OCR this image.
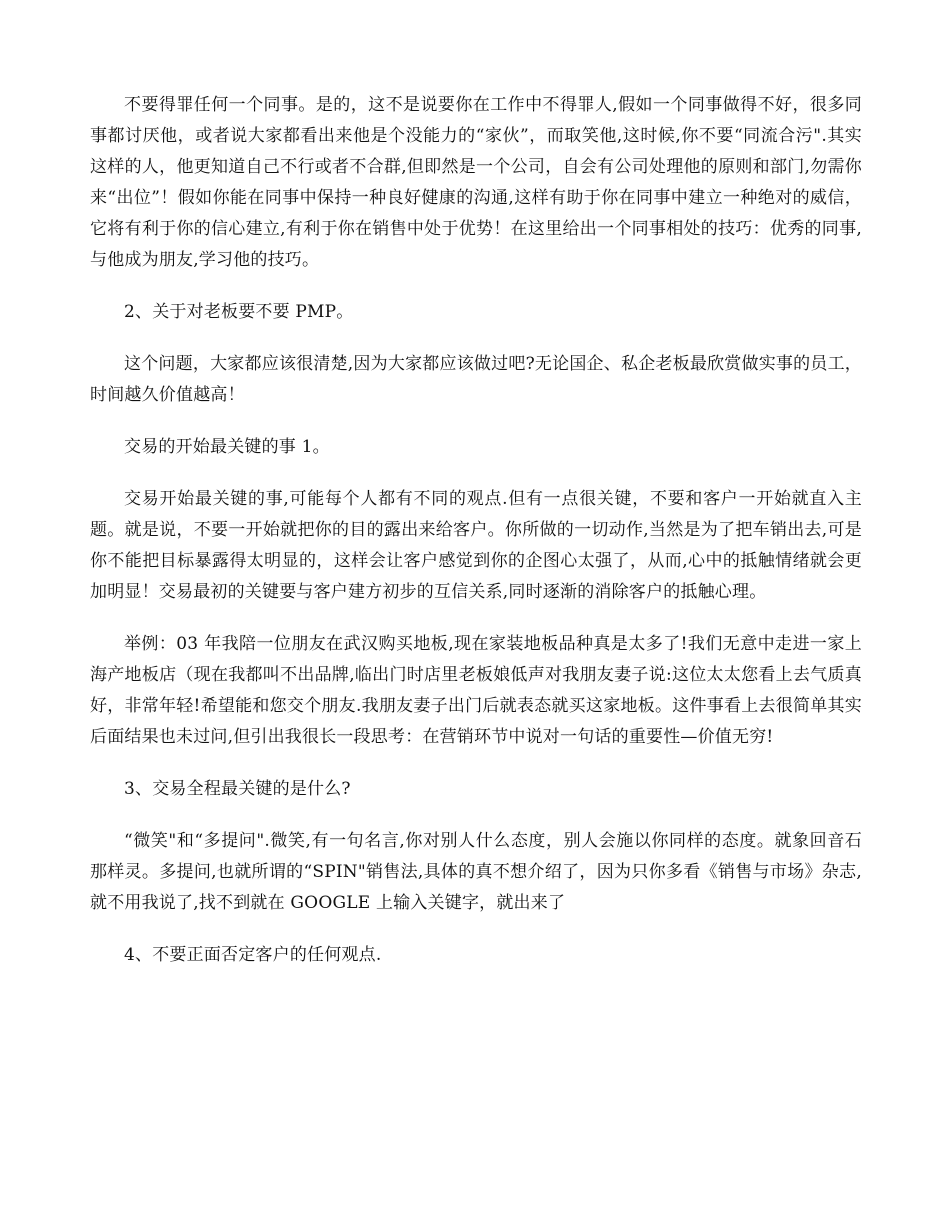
不要得罪任何一个同事。是的，这不是说要你在工作中不得罪人,假如一个同事做得不好，很多同事都讨厌他，或者说大家都看出来他是个没能力的“家伙”，而取笑他,这时候,你不要“同流合污".其实这样的人，他更知道自己不行或者不合群,但即然是一个公司，自会有公司处理他的原则和部门,勿需你来“出位”！假如你能在同事中保持一种良好健康的沟通,这样有助于你在同事中建立一种绝对的威信，它将有利于你的信心建立,有利于你在销售中处于优势！在这里给出一个同事相处的技巧：优秀的同事,与他成为朋友,学习他的技巧。

2、关于对老板要不要 PMP。

这个问题，大家都应该很清楚,因为大家都应该做过吧?无论国企、私企老板最欣赏做实事的员工，时间越久价值越高！

交易的开始最关键的事 1。

交易开始最关键的事,可能每个人都有不同的观点.但有一点很关键，不要和客户一开始就直入主题。就是说，不要一开始就把你的目的露出来给客户。你所做的一切动作,当然是为了把车销出去,可是你不能把目标暴露得太明显的，这样会让客户感觉到你的企图心太强了，从而,心中的抵触情绪就会更加明显！交易最初的关键要与客户建方初步的互信关系,同时逐渐的消除客户的抵触心理。

举例：03 年我陪一位朋友在武汉购买地板,现在家装地板品种真是太多了!我们无意中走进一家上海产地板店（现在我都叫不出品牌,临出门时店里老板娘低声对我朋友妻子说:这位太太您看上去气质真好，非常年轻!希望能和您交个朋友.我朋友妻子出门后就表态就买这家地板。这件事看上去很简单其实后面结果也未过问,但引出我很长一段思考：在营销环节中说对一句话的重要性—价值无穷!

3、交易全程最关键的是什么?

“微笑"和“多提问".微笑,有一句名言,你对别人什么态度，别人会施以你同样的态度。就象回音石那样灵。多提问,也就所谓的“SPIN"销售法,具体的真不想介绍了，因为只你多看《销售与市场》杂志,就不用我说了,找不到就在 GOOGLE 上输入关键字，就出来了

4、不要正面否定客户的任何观点.
